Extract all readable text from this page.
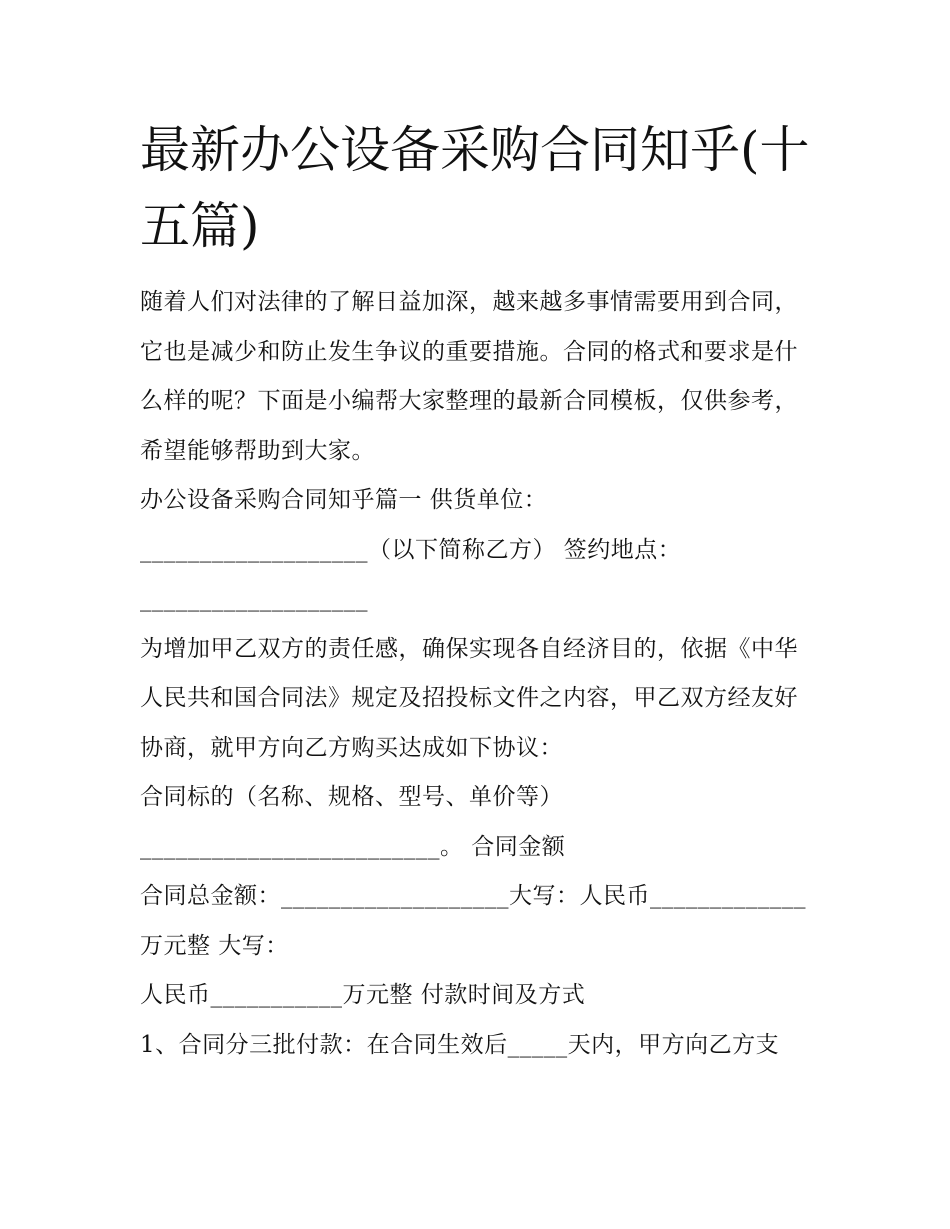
最新办公设备采购合同知乎(十五篇)

随着人们对法律的了解日益加深，越来越多事情需要用到合同，它也是减少和防止发生争议的重要措施。合同的格式和要求是什么样的呢？下面是小编帮大家整理的最新合同模板，仅供参考，希望能够帮助到大家。

办公设备采购合同知乎篇一 供货单位：

___________________（以下简称乙方） 签约地点：

___________________

为增加甲乙双方的责任感，确保实现各自经济目的，依据《中华人民共和国合同法》规定及招投标文件之内容，甲乙双方经友好协商，就甲方向乙方购买达成如下协议：

合同标的（名称、规格、型号、单价等）

_________________________。 合同金额

合同总金额：___________________大写：人民币_____________

万元整 大写：

人民币___________万元整 付款时间及方式

1、合同分三批付款：在合同生效后_____天内，甲方向乙方支
